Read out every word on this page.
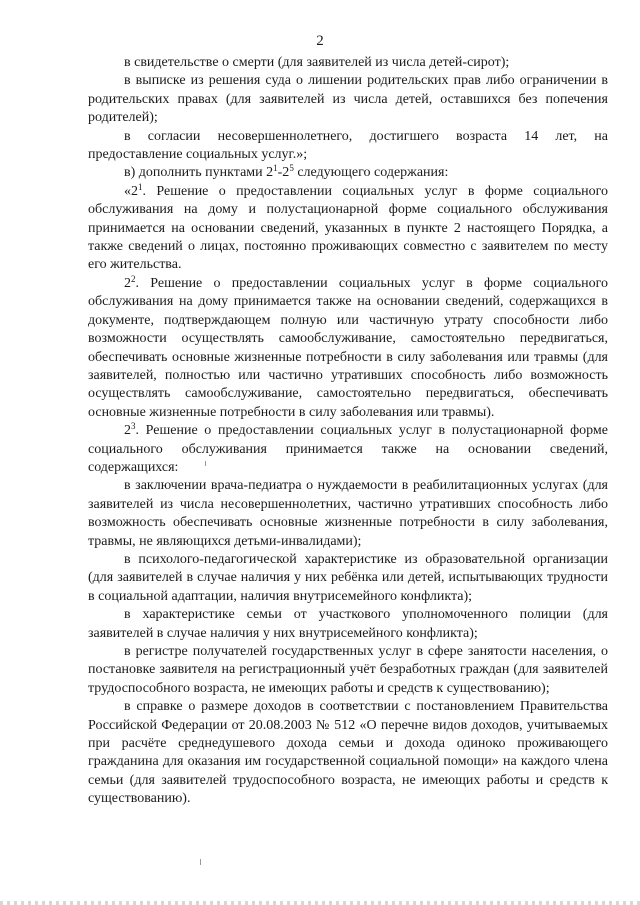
2

в свидетельстве о смерти (для заявителей из числа детей-сирот);

в выписке из решения суда о лишении родительских прав либо ограничении в родительских правах (для заявителей из числа детей, оставшихся без попечения родителей);

в согласии несовершеннолетнего, достигшего возраста 14 лет, на предоставление социальных услуг.»;

в) дополнить пунктами $2^1-2^5$ следующего содержания:

«$2^1$. Решение о предоставлении социальных услуг в форме социального обслуживания на дому и полустационарной форме социального обслуживания принимается на основании сведений, указанных в пункте 2 настоящего Порядка, а также сведений о лицах, постоянно проживающих совместно с заявителем по месту его жительства.

$2^2$. Решение о предоставлении социальных услуг в форме социального обслуживания на дому принимается также на основании сведений, содержащихся в документе, подтверждающем полную или частичную утрату способности либо возможности осуществлять самообслуживание, самостоятельно передвигаться, обеспечивать основные жизненные потребности в силу заболевания или травмы (для заявителей, полностью или частично утративших способность либо возможность осуществлять самообслуживание, самостоятельно передвигаться, обеспечивать основные жизненные потребности в силу заболевания или травмы).

$2^3$. Решение о предоставлении социальных услуг в полустационарной форме социального обслуживания принимается также на основании сведений, содержащихся:

в заключении врача-педиатра о нуждаемости в реабилитационных услугах (для заявителей из числа несовершеннолетних, частично утративших способность либо возможность обеспечивать основные жизненные потребности в силу заболевания, травмы, не являющихся детьми-инвалидами);

в психолого-педагогической характеристике из образовательной организации (для заявителей в случае наличия у них ребёнка или детей, испытывающих трудности в социальной адаптации, наличия внутрисемейного конфликта);

в характеристике семьи от участкового уполномоченного полиции (для заявителей в случае наличия у них внутрисемейного конфликта);

в регистре получателей государственных услуг в сфере занятости населения, о постановке заявителя на регистрационный учёт безработных граждан (для заявителей трудоспособного возраста, не имеющих работы и средств к существованию);

в справке о размере доходов в соответствии с постановлением Правительства Российской Федерации от 20.08.2003 № 512 «О перечне видов доходов, учитываемых при расчёте среднедушевого дохода семьи и дохода одиноко проживающего гражданина для оказания им государственной социальной помощи» на каждого члена семьи (для заявителей трудоспособного возраста, не имеющих работы и средств к существованию).
